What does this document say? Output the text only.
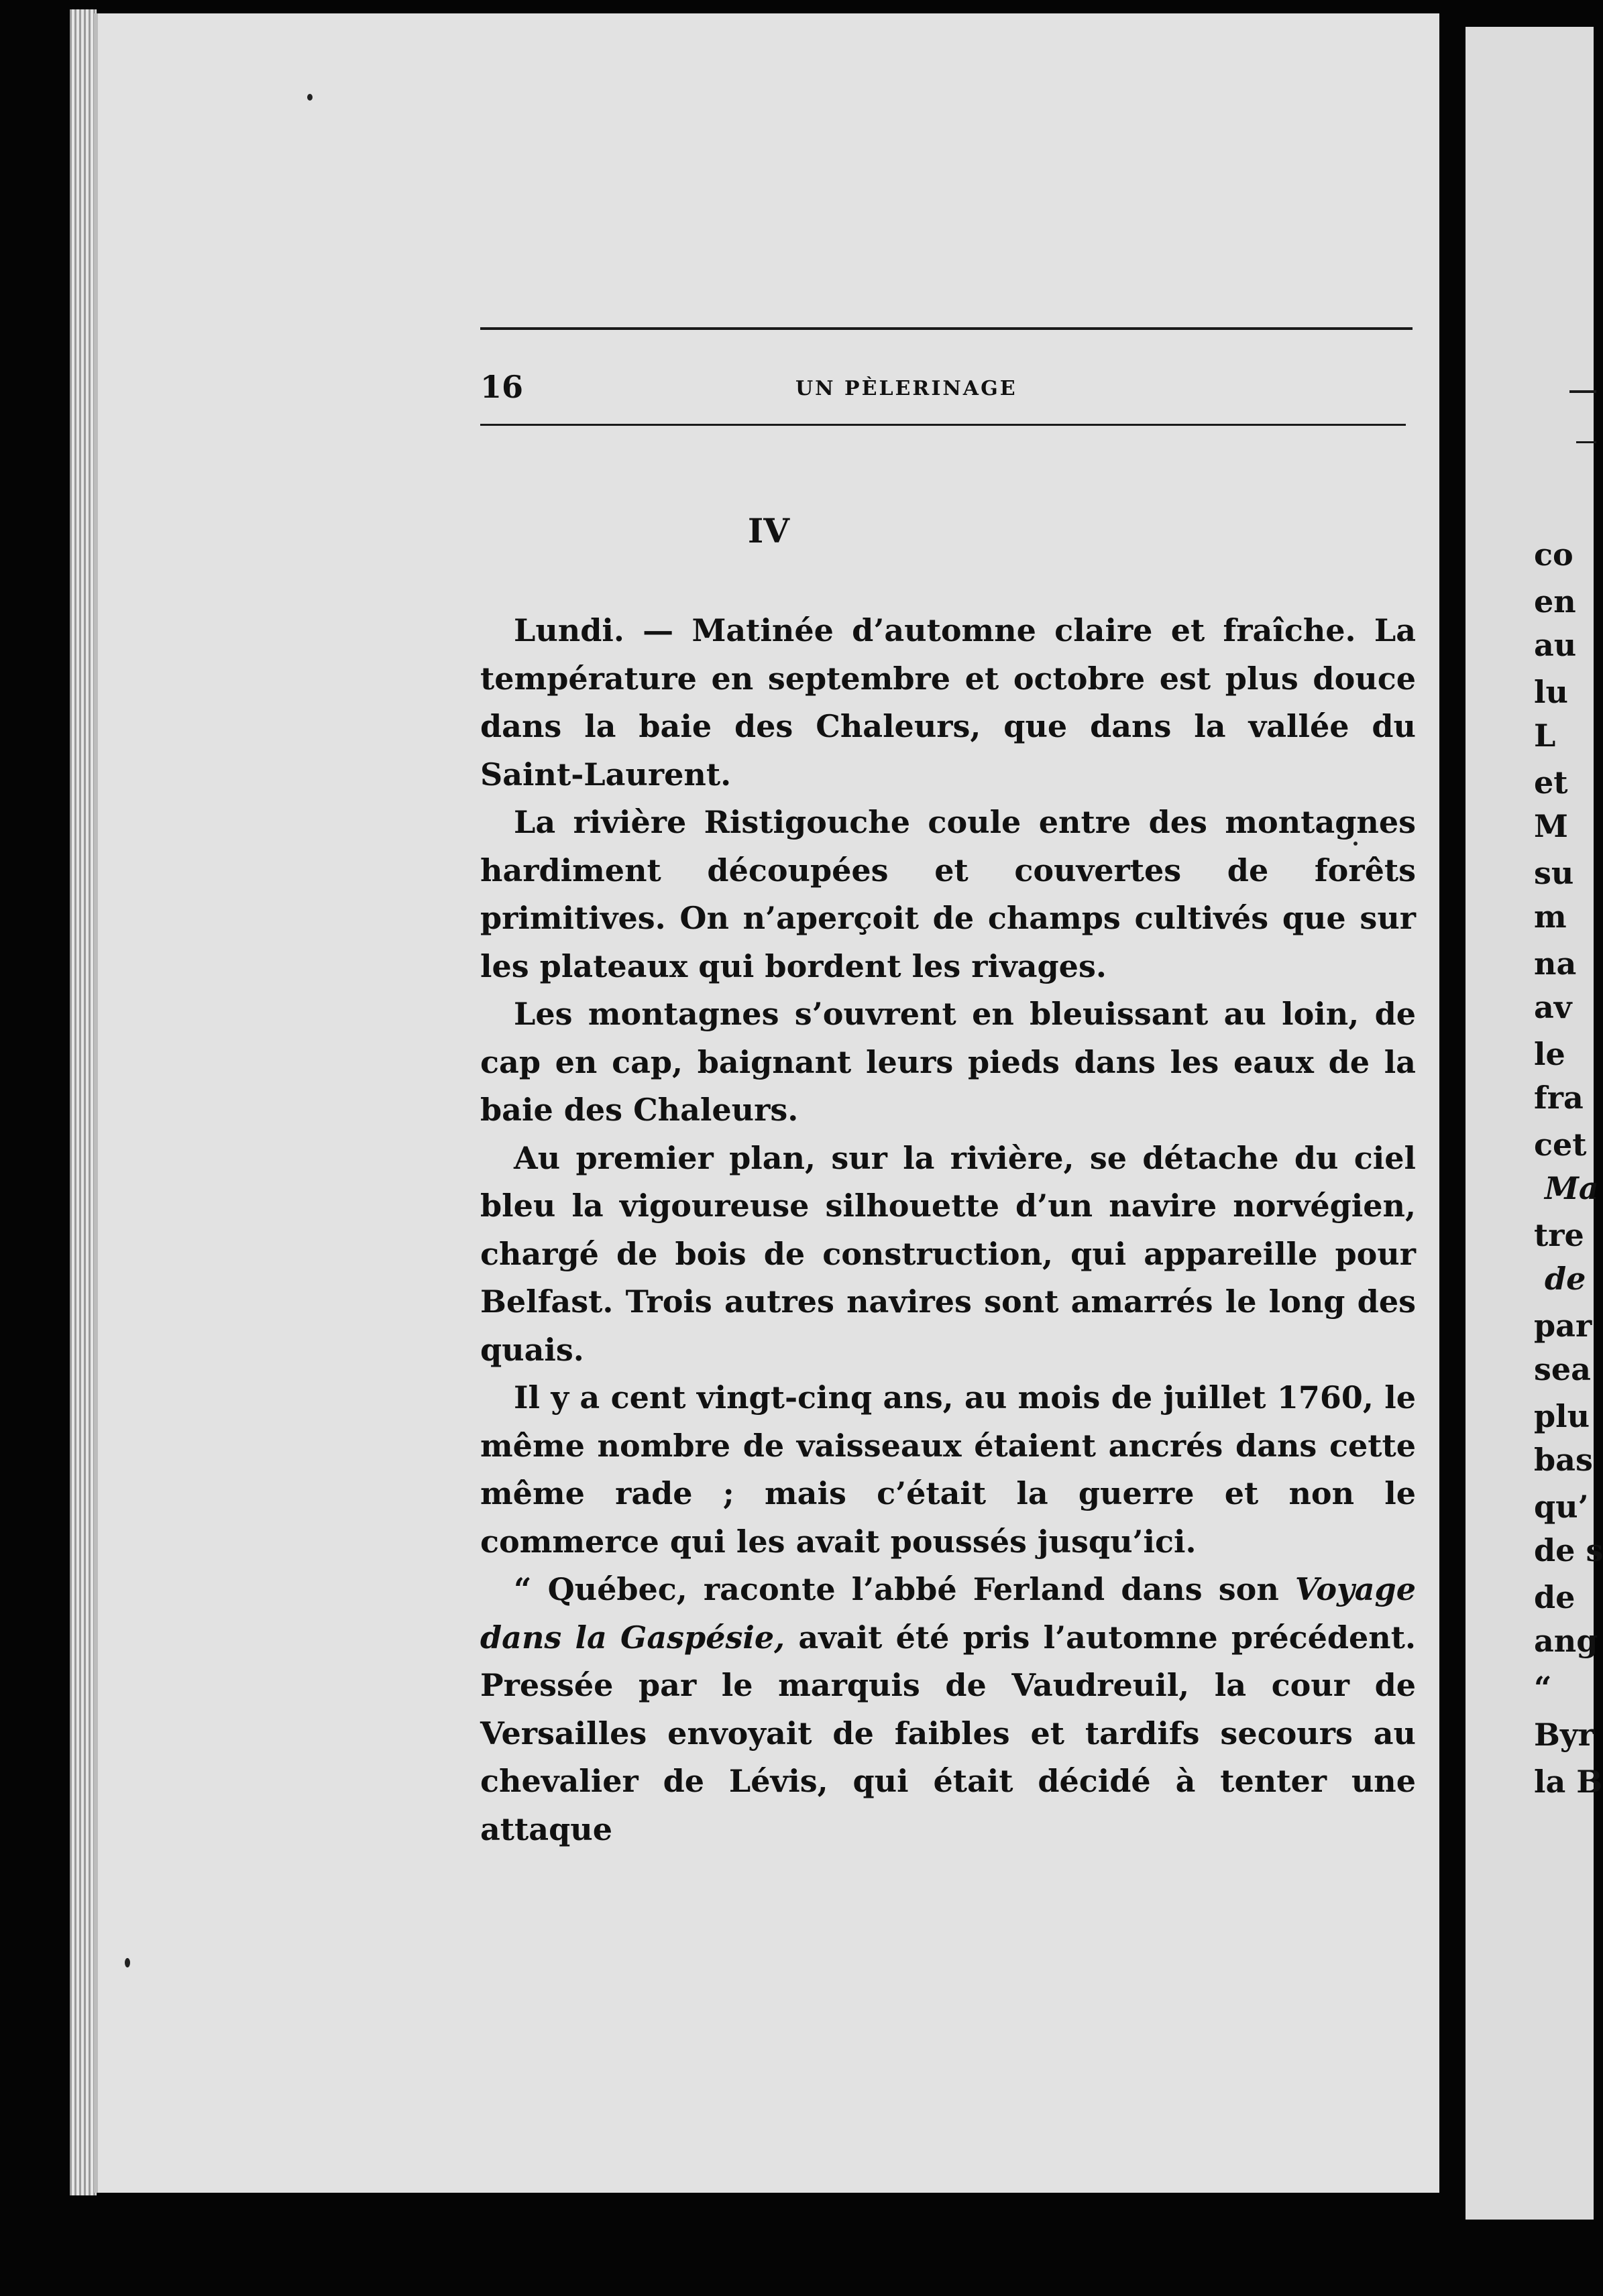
16	UN PÈLERINAGE
IV

Lundi. — Matinée d’automne claire et fraîche. La température en septembre et octobre est plus douce dans la baie des Chaleurs, que dans la vallée du Saint-Laurent.

La rivière Ristigouche coule entre des montagnes hardiment découpées et couvertes de forêts primitives. On n’aperçoit de champs cultivés que sur les plateaux qui bordent les rivages.

Les montagnes s’ouvrent en bleuissant au loin, de cap en cap, baignant leurs pieds dans les eaux de la baie des Chaleurs.

Au premier plan, sur la rivière, se détache du ciel bleu la vigoureuse silhouette d’un navire norvégien, chargé de bois de construction, qui appareille pour Belfast. Trois autres navires sont amarrés le long des quais.

Il y a cent vingt-cinq ans, au mois de juillet 1760, le même nombre de vaisseaux étaient ancrés dans cette même rade ; mais c’était la guerre et non le commerce qui les avait poussés jusqu’ici.

“ Québec, raconte l’abbé Ferland dans son Voyage dans la Gaspésie, avait été pris l’automne précédent. Pressée par le marquis de Vaudreuil, la cour de Versailles envoyait de faibles et tardifs secours au chevalier de Lévis, qui était décidé à tenter une attaque

co
en
au
lu
L
et
M
su
m
na
av
le
fra
cet
Ma
tre
de
par
sea
plu
bas
qu’
de s
de
ang
“
Byr
la B
